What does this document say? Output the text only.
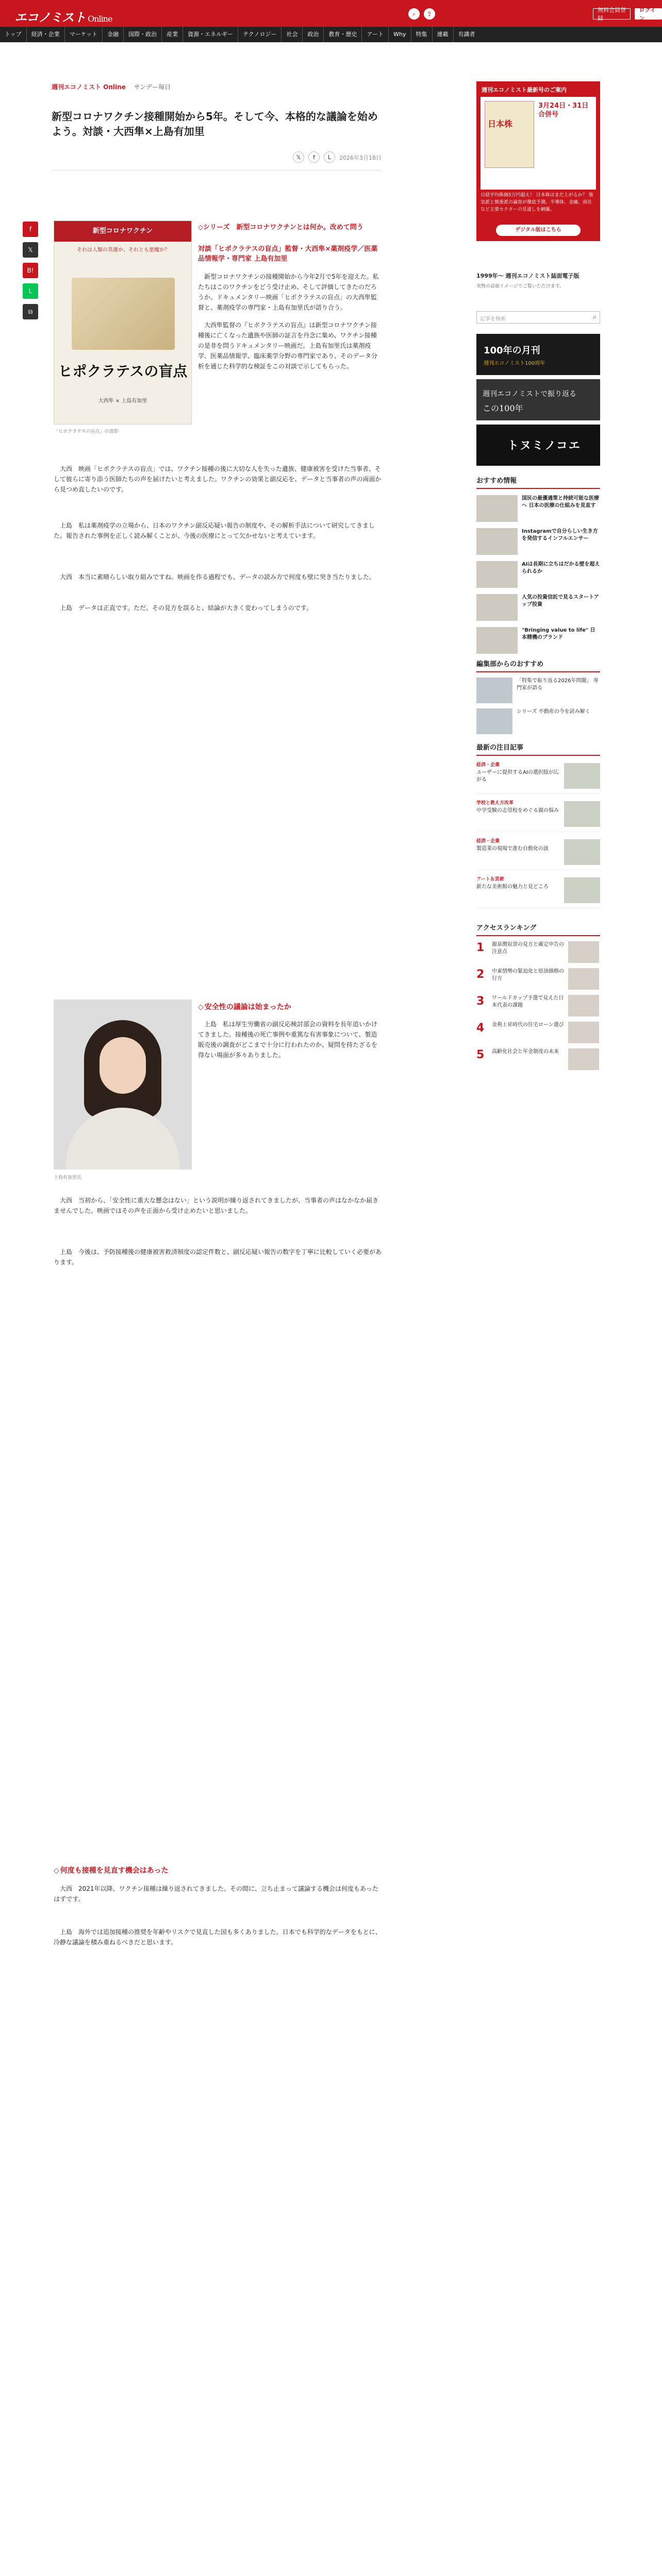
エコノミスト Online
⌕	⇪
無料会員登録
ログイン
トップ	経済・企業	マーケット	金融	国際・政治	産業	資源・エネルギー	テクノロジー	社会	政治	教育・歴史	アート	Why	特集	連載	有識者
週刊エコノミスト Online サンデー毎日
新型コロナワクチン接種開始から5年。そして今、本格的な議論を始めよう。対談・大西隼×上島有加里
𝕏	f	L	2026年3月18日
f
𝕏
B!
L
⧉
新型コロナワクチン
それは人類の英雄か、それとも悪魔か？
ヒポクラテスの盲点
大西隼 × 上島有加里
「ヒポクラテスの盲点」の書影
◇シリーズ　新型コロナワクチンとは何か。改めて問う
対談「ヒポクラテスの盲点」監督・大西隼×薬剤疫学／医薬品情報学・専門家 上島有加里
　新型コロナワクチンの接種開始から今年2月で5年を迎えた。私たちはこのワクチンをどう受け止め、そして評価してきたのだろうか。ドキュメンタリー映画「ヒポクラテスの盲点」の大西隼監督と、薬剤疫学の専門家・上島有加里氏が語り合う。
　大西隼監督の『ヒポクラテスの盲点』は新型コロナワクチン接種後に亡くなった遺族や医師の証言を丹念に集め、ワクチン接種の是非を問うドキュメンタリー映画だ。上島有加里氏は薬剤疫学、医薬品情報学、臨床薬学分野の専門家であり、そのデータ分析を通じた科学的な検証をこの対談で示してもらった。
　大西　映画「ヒポクラテスの盲点」では、ワクチン接種の後に大切な人を失った遺族、健康被害を受けた当事者、そして彼らに寄り添う医師たちの声を届けたいと考えました。ワクチンの効果と副反応を、データと当事者の声の両面から見つめ直したいのです。
　上島　私は薬剤疫学の立場から、日本のワクチン副反応疑い報告の制度や、その解析手法について研究してきました。報告された事例を正しく読み解くことが、今後の医療にとって欠かせないと考えています。
　大西　本当に素晴らしい取り組みですね。映画を作る過程でも、データの読み方で何度も壁に突き当たりました。
　上島　データは正直です。ただ、その見方を誤ると、結論が大きく変わってしまうのです。
上島有加里氏
◇ 安全性の議論は始まったか
　上島　私は厚生労働省の副反応検討部会の資料を長年追いかけてきました。接種後の死亡事例や重篤な有害事象について、製造販売後の調査がどこまで十分に行われたのか、疑問を持たざるを得ない場面が多々ありました。
　大西　当初から、「安全性に重大な懸念はない」という説明が繰り返されてきましたが、当事者の声はなかなか届きませんでした。映画ではその声を正面から受け止めたいと思いました。
　上島　今後は、予防接種後の健康被害救済制度の認定件数と、副反応疑い報告の数字を丁寧に比較していく必要があります。
◇ 何度も接種を見直す機会はあった
　大西　2021年以降、ワクチン接種は繰り返されてきました。その間に、立ち止まって議論する機会は何度もあったはずです。
　上島　海外では追加接種の推奨を年齢やリスクで見直した国も多くありました。日本でも科学的なデータをもとに、冷静な議論を積み重ねるべきだと思います。
週刊エコノミスト最新号のご案内
日本株
3月24日・31日合併号
日経平均株価5万円超え！ 日本株はまだ上がるか？ 強気派と慎重派の論客が徹底予測。半導体、金融、商社など主要セクターの見通しを網羅。
デジタル版はこちら
1999年〜 週刊エコノミスト誌面電子版
実物の誌面イメージでご覧いただけます。
記事を検索	⌕
100年の月刊
週刊エコノミスト100周年
週刊エコノミストで振り返る
この100年
トヌミノコエ
おすすめ情報
国民の最優遇策と持続可能な医療へ 日本の医療の仕組みを見直す
Instagramで自分らしい生き方を発信するインフルエンサー
AIは長期に立ちはだかる壁を超えられるか
人気の投資信託で見るスタートアップ投資
"Bringing value to life" 日本精機のブランド
編集部からのおすすめ
「特集で振り返る2026年問題」 専門家が語る
シリーズ 不動産の今を読み解く
最新の注目記事
経済・企業
ユーザーに提供するAIの選択肢が広がる
学校と教え方改革
中学受験の志望校をめぐる親の悩み
経済・企業
製造業の現場で進む自動化の波
アート＆芸術
新たな美術館の魅力と見どころ
アクセスランキング
1	源泉徴収票の見方と確定申告の注意点
2	中東情勢の緊迫化と原油価格の行方
3	ワールドカップ予選で見えた日本代表の課題
4	金利上昇時代の住宅ローン選び
5	高齢化社会と年金制度の未来
